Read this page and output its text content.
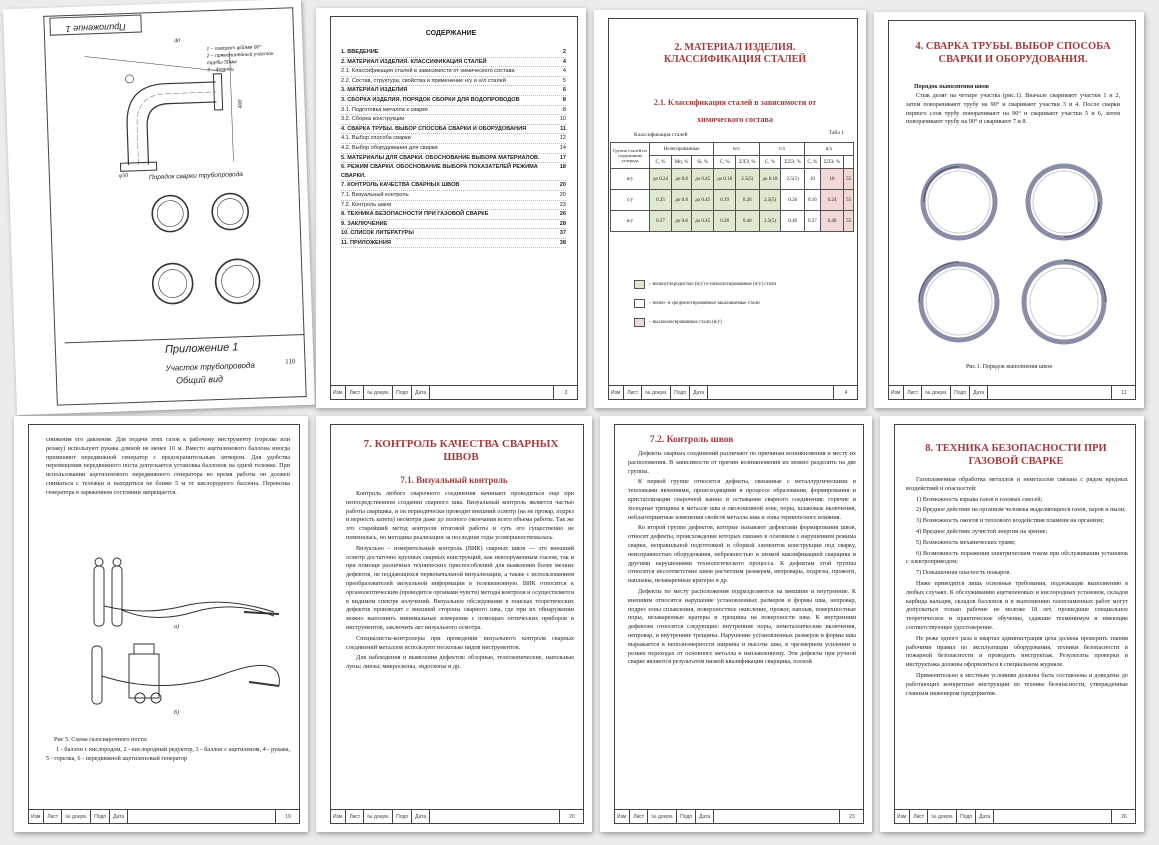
Приложение 1
40
400
φ50
1 – поворот φ50мм 90°
2 – прямолинейный участок трубы 50мм
3 – фланец
Порядок сварки трубопровода
Приложение 1
Участок трубопровода
Общий вид
110
СОДЕРЖАНИЕ
1. ВВЕДЕНИЕ	2
2. МАТЕРИАЛ ИЗДЕЛИЯ. КЛАССИФИКАЦИЯ СТАЛЕЙ	4
2.1. Классификация сталей в зависимости от химического состава	4
2.2. Состав, структура, свойства и применение н/у и н/л сталей	5
3. МАТЕРИАЛ ИЗДЕЛИЯ	6
3. СБОРКА ИЗДЕЛИЯ. ПОРЯДОК СБОРКИ ДЛЯ ВОДОПРОВОДОВ	8
3.1. Подготовка металла к сварке	8
3.2. Сборка конструкции	10
4. СВАРКА ТРУБЫ. ВЫБОР СПОСОБА СВАРКИ И ОБОРУДОВАНИЯ	11
4.1. Выбор способа сварки	12
4.2. Выбор оборудования для сварки	14
5. МАТЕРИАЛЫ ДЛЯ СВАРКИ. ОБОСНОВАНИЕ ВЫБОРА МАТЕРИАЛОВ.	17
6. РЕЖИМ СВАРКИ. ОБОСНОВАНИЕ ВЫБОРА ПОКАЗАТЕЛЕЙ РЕЖИМА СВАРКИ.
18
7. КОНТРОЛЬ КАЧЕСТВА СВАРНЫХ ШВОВ	20
7.1. Визуальный контроль	20
7.2. Контроль швов	23
8. ТЕХНИКА БЕЗОПАСНОСТИ ПРИ ГАЗОВОЙ СВАРКЕ	26
9. ЗАКЛЮЧЕНИЕ	28
10. СПИСОК ЛИТЕРАТУРЫ	37
11. ПРИЛОЖЕНИЯ	38
Изм Лист № докум. Подп Дата	2
2. МАТЕРИАЛ ИЗДЕЛИЯ. КЛАССИФИКАЦИЯ СТАЛЕЙ
2.1. Классификация сталей в зависимости от химического состава
Классификация сталей	Табл 1
Группа сталей по содержанию углерода	Нелегированные			н/л		с/л		в/л		
	C, %	Mn, %	Si, %	C, %	ΣЛЭ, %	C, %	ΣЛЭ, %	C, %	ΣЛЭ, %	
н/у	до 0.24	до 0.8	до 0.45	до 0.18	2.5(5)	до 0.18	2.5(5)	10	10	55
с/у	0.25	до 0.8	до 0.45	0.19	0.26	2.5(5)	0.26	0.16	0.24	55
в/у	0.37	до 0.8	до 0.45	0.28	0.40	2.5(5)	0.40	0.27	0.40	55
– низкоуглеродистые (н/у) и низколегированные (н/у) стали
– низко- и среднелегированные закаливаемые стали
– высоколегированные стали (в/у)
Изм Лист № докум. Подп Дата	4
4. СВАРКА ТРУБЫ. ВЫБОР СПОСОБА СВАРКИ И ОБОРУДОВАНИЯ.
Порядок выполнения швов

Стык делят на четыре участка (рис.1). Вначале сваривают участки 1 и 2, затем поворачивают трубу на 90° и сваривают участки 3 и 4. После сварки первого слоя трубу поворачивают на 90° и сваривают участки 5 и 6, затем поворачивают трубу на 90° и сваривают 7 и 8.

Рис.1. Порядок выполнения швов
Изм Лист № докум. Подп Дата	11

снижения его давления. Для подачи этих газов к рабочему инструменту (горелке или резаку) используют рукава длиной не менее 10 м. Вместо ацетиленового баллона иногда применяют передвижной генератор с предохранительным затвором. Для удобства перемещения передвижного поста допускается установка баллонов на одной тележке. При использовании ацетиленового передвижного генератора во время работы он должен сниматься с тележки и находиться не ближе 5 м от кислородного баллона. Перевозка генератора в заряженном состоянии запрещается.

а)
б)
Рис 5. Схема газосварочного поста:

1 - баллон с кислородом, 2 - кислородный редуктор, 3 - баллон с ацетиленом, 4 - рукава, 5 - горелка, 6 - передвижной ацетиленовый генератор

Изм Лист № докум. Подп Дата	19
7. КОНТРОЛЬ КАЧЕСТВА СВАРНЫХ ШВОВ
7.1. Визуальный контроль

Контроль любого сварочного соединения начинают проводиться еще при непосредственном создании сварного шва. Визуальный контроль является частью работы сварщика, и он периодически проводит внешний осмотр (на не провар, подрез и верность катета) несмотря даже до полного окончания всего объема работы. Так же это старейший метод контроля итоговой работы и суть его существенно не поменялась, но методика реализации за последние годы усовершенствовалась.

Визуально – измерительный контроль (ВИК) сварных швов — это внешний осмотр достаточно крупных сварных конструкций, как невооруженным глазом, так и при помощи различных технических приспособлений для выявления более мелких дефектов, не поддающихся первоначальной визуализации, а также с использованием преобразователей визуальной информации в телевизионную. ВИК относится к органолептическим (проводится органами чувств) методы контроля и осуществляется в видимом спектре излучений. Визуальное обследование в поисках теоретических дефектов производят с внешней стороны сварного шва, где при их обнаружении можно выполнить минимальные измерения с помощью оптических приборов и инструментов, заключить акт визуального осмотра.

Специалисты-контролеры при проведении визуального контроля сварных соединений металлов используют несколько видов инструментов.

Для наблюдения и выявления дефектов: обзорные, телескопические, напольные лупы; линзы; микроскопы, эндоскопы и др.

Изм Лист № докум. Подп Дата	20
7.2. Контроль швов

Дефекты сварных соединений различают по причинам возникновения и месту их расположения. В зависимости от причин возникновения их можно разделить на две группы.

К первой группе относятся дефекты, связанные с металлургическими и тепловыми явлениями, происходящими в процессе образования, формирования и кристаллизации сварочной ванны и остывания сварного соединения: горячие и холодные трещины в металле шва и околошовной зоне, поры, шлаковые включения, неблагоприятные изменения свойств металла шва и зоны термического влияния.

Ко второй группе дефектов, которые называют дефектами формирования швов, относят дефекты, происхождение которых связано в основном с нарушением режима сварки, неправильной подготовкой и сборкой элементов конструкции под сварку, неисправностью оборудования, небрежностью и низкой квалификацией сварщика и другими нарушениями технологического процесса. К дефектам этой группы относятся несоответствие швов расчетным размерам, непровары, подрезы, прожоги, наплывы, незаваренные кратеры и др.

Дефекты по месту расположения подразделяются на внешние и внутренние. К внешним относятся нарушение установленных размеров и формы шва, непровар, подрез зоны сплавления, поверхностное окисление, прожог, наплыв, поверхностные поры, незаваренные кратеры и трещины на поверхности шва. К внутренним дефектам относятся следующие: внутренние поры, неметаллические включения, непровар, и внутренние трещины. Нарушение установленных размеров и формы шва выражается в неполномерности ширины и высоты шва, в чрезмерном усилении и резких переходах от основного металла к наплавленному. Эти дефекты при ручной сварке являются результатом низкой квалификации сварщика, плохой

Изм Лист № докум. Подп Дата	23
8. ТЕХНИКА БЕЗОПАСНОСТИ ПРИ ГАЗОВОЙ СВАРКЕ

Газопламенная обработка металлов и неметаллов связана с рядом вредных воздействий и опасностей:

1) Возможность взрыва газов и газовых смесей;

2) Вредное действие на организм человека выделяющихся газов, паров и пыли;

3) Возможность ожогов и теплового воздействия пламени на организм;

4) Вредное действие лучистой энергии на зрение;

5) Возможность механических травм;

6) Возможность поражения электрическим током при обслуживании установок с электроприводом;

7) Повышенная опасность пожаров.

Ниже приводятся лишь основные требования, подлежащие выполнению в любых случаях. К обслуживанию ацетиленовых и кислородных установок, складов карбида кальция, складов баллонов и к выполнению газопламенных работ могут допускаться только рабочие не моложе 18 лет, прошедшие специальное теоретическое и практическое обучение, сдавшие техминимум и имеющие соответствующее удостоверение.

Не реже одного раза в квартал администрация цеха должна проверить знания рабочими правил по эксплуатации оборудования, техники безопасности и пожарной безопасности и проводить инструктаж. Результаты проверки и инструктажа должны оформляться в специальном журнале.

Применительно к местным условиям должны быть составлены и доведены до работающих конкретные инструкции по технике безопасности, утвержденные главным инженером предприятия.

Изм Лист № докум. Подп Дата	26
